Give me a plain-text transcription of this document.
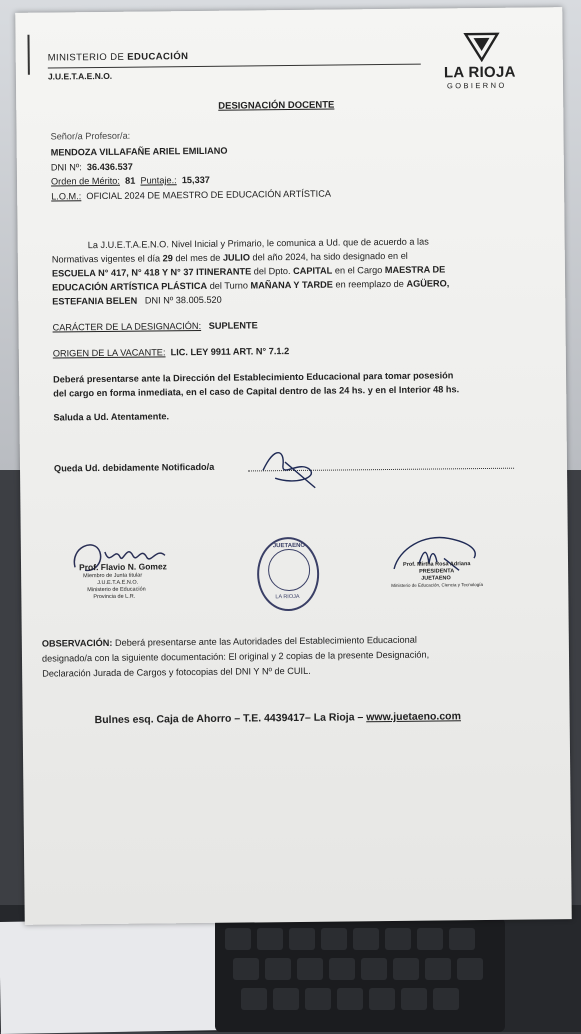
MINISTERIO DE EDUCACIÓN
J.U.E.T.A.E.N.O.	LA RIOJA
GOBIERNO
DESIGNACIÓN DOCENTE
Señor/a Profesor/a:
MENDOZA VILLAFAÑE ARIEL EMILIANO
DNI Nº: 36.436.537
Orden de Mérito: 81 Puntaje.: 15,337
L.O.M.: OFICIAL 2024 DE MAESTRO DE EDUCACIÓN ARTÍSTICA
La J.U.E.T.A.E.N.O. Nivel Inicial y Primario, le comunica a Ud. que de acuerdo a las
Normativas vigentes el día 29 del mes de JULIO del año 2024, ha sido designado en el
ESCUELA N° 417, N° 418 Y N° 37 ITINERANTE del Dpto. CAPITAL en el Cargo MAESTRA DE
EDUCACIÓN ARTÍSTICA PLÁSTICA del Turno MAÑANA Y TARDE en reemplazo de AGÜERO,
ESTEFANIA BELEN DNI Nº 38.005.520
CARÁCTER DE LA DESIGNACIÓN: SUPLENTE
ORIGEN DE LA VACANTE: LIC. LEY 9911 ART. N° 7.1.2
Deberá presentarse ante la Dirección del Establecimiento Educacional para tomar posesión
del cargo en forma inmediata, en el caso de Capital dentro de las 24 hs. y en el Interior 48 hs.
Saluda a Ud. Atentamente.
Queda Ud. debidamente Notificado/a
Prof. Flavio N. Gomez
Miembro de Junta titular
J.U.E.T.A.E.N.O.
Ministerio de Educación
Provincia de L.R.
JUETAENO
LA RIOJA
Prof. Mirtha Rosa Adriana
PRESIDENTA
JUETAENO
Ministerio de Educación, Ciencia y Tecnología
OBSERVACIÓN: Deberá presentarse ante las Autoridades del Establecimiento Educacional
designado/a con la siguiente documentación: El original y 2 copias de la presente Designación,
Declaración Jurada de Cargos y fotocopias del DNI Y Nº de CUIL.
Bulnes esq. Caja de Ahorro – T.E. 4439417– La Rioja – www.juetaeno.com
